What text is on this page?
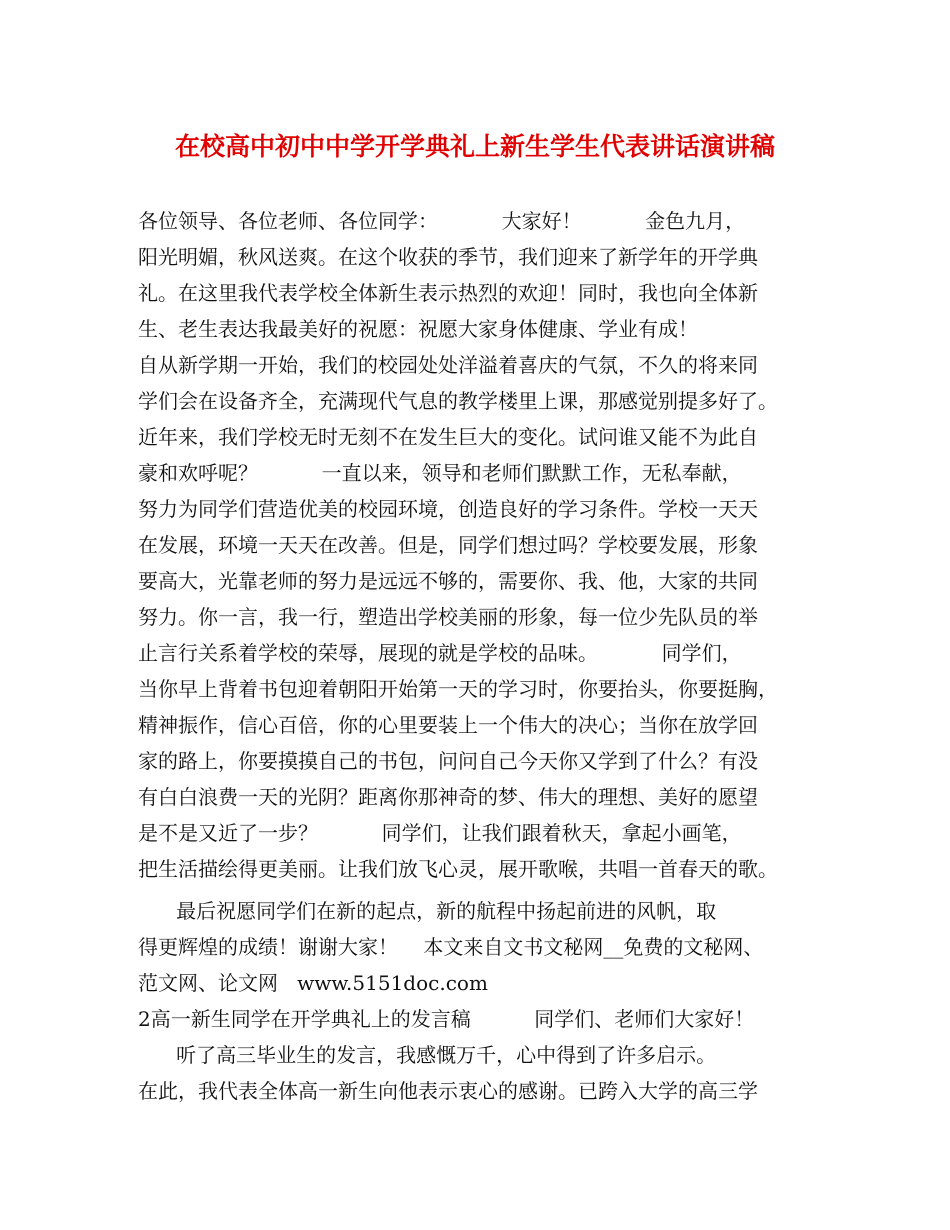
在校高中初中中学开学典礼上新生学生代表讲话演讲稿
各位领导、各位老师、各位同学：          大家好！          金色九月，
阳光明媚，秋风送爽。在这个收获的季节，我们迎来了新学年的开学典
礼。在这里我代表学校全体新生表示热烈的欢迎！同时，我也向全体新
生、老生表达我最美好的祝愿：祝愿大家身体健康、学业有成！
自从新学期一开始，我们的校园处处洋溢着喜庆的气氛，不久的将来同
学们会在设备齐全，充满现代气息的教学楼里上课，那感觉别提多好了。
近年来，我们学校无时无刻不在发生巨大的变化。试问谁又能不为此自
豪和欢呼呢？          一直以来，领导和老师们默默工作，无私奉献，
努力为同学们营造优美的校园环境，创造良好的学习条件。学校一天天
在发展，环境一天天在改善。但是，同学们想过吗？学校要发展，形象
要高大，光靠老师的努力是远远不够的，需要你、我、他，大家的共同
努力。你一言，我一行，塑造出学校美丽的形象，每一位少先队员的举
止言行关系着学校的荣辱，展现的就是学校的品味。          同学们，
当你早上背着书包迎着朝阳开始第一天的学习时，你要抬头，你要挺胸，
精神振作，信心百倍，你的心里要装上一个伟大的决心；当你在放学回
家的路上，你要摸摸自己的书包，问问自己今天你又学到了什么？有没
有白白浪费一天的光阴？距离你那神奇的梦、伟大的理想、美好的愿望
是不是又近了一步？          同学们，让我们跟着秋天，拿起小画笔，
把生活描绘得更美丽。让我们放飞心灵，展开歌喉，共唱一首春天的歌。
最后祝愿同学们在新的起点，新的航程中扬起前进的风帆，取
得更辉煌的成绩！谢谢大家！    本文来自文书文秘网__免费的文秘网、
范文网、论文网   www.5151doc.com
2高一新生同学在开学典礼上的发言稿          同学们、老师们大家好！
听了高三毕业生的发言，我感慨万千，心中得到了许多启示。
在此，我代表全体高一新生向他表示衷心的感谢。已跨入大学的高三学
